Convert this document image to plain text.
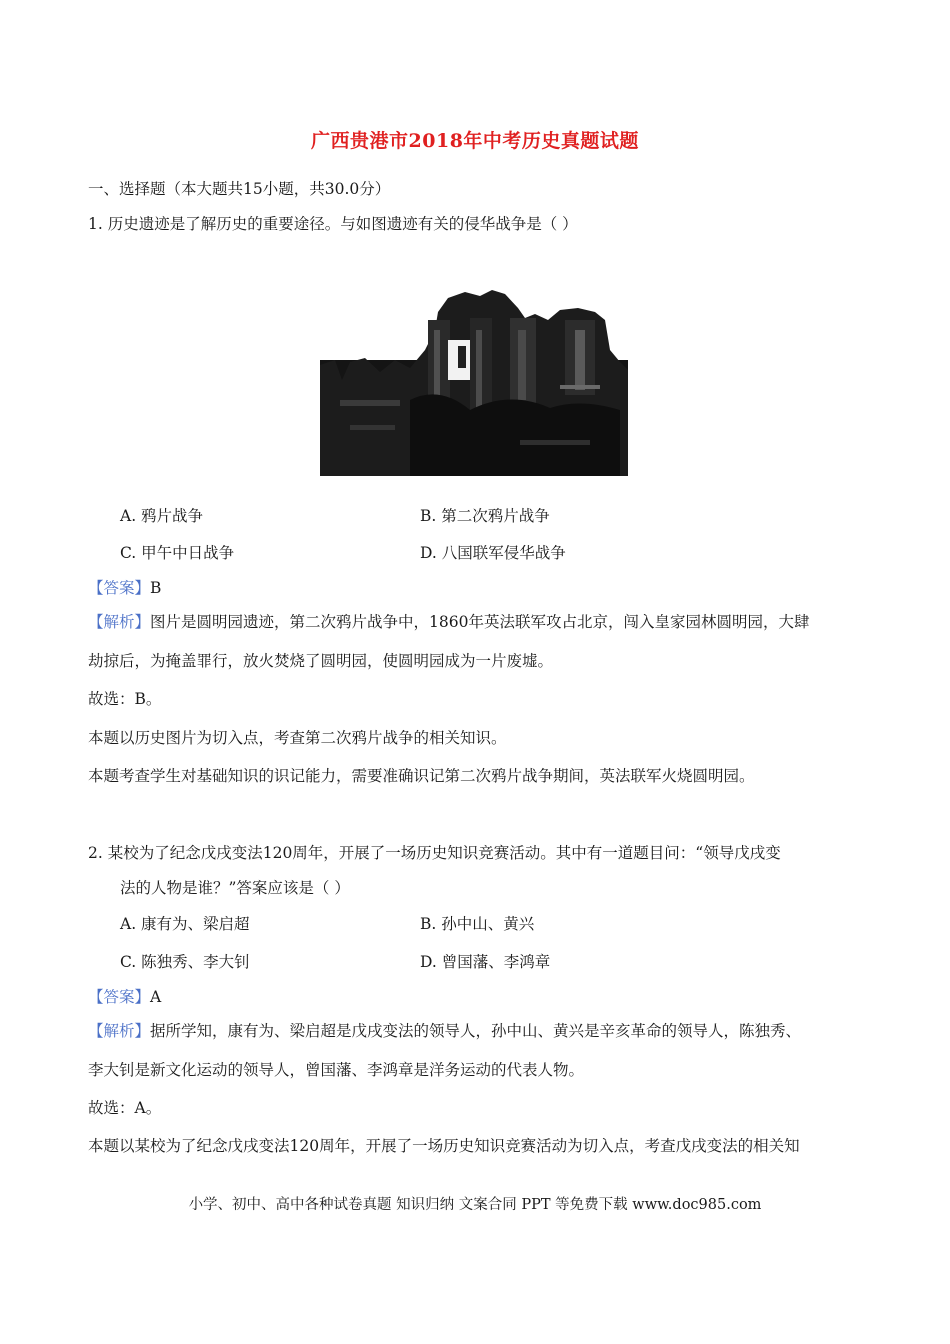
广西贵港市2018年中考历史真题试题
一、选择题（本大题共15小题，共30.0分）
1. 历史遗迹是了解历史的重要途径。与如图遗迹有关的侵华战争是（ ）
A. 鸦片战争	B. 第二次鸦片战争
C. 甲午中日战争	D. 八国联军侵华战争
【答案】B
【解析】图片是圆明园遗迹，第二次鸦片战争中，1860年英法联军攻占北京，闯入皇家园林圆明园，大肆
劫掠后，为掩盖罪行，放火焚烧了圆明园，使圆明园成为一片废墟。
故选：B。
本题以历史图片为切入点，考查第二次鸦片战争的相关知识。
本题考查学生对基础知识的识记能力，需要准确识记第二次鸦片战争期间，英法联军火烧圆明园。
2. 某校为了纪念戊戌变法120周年，开展了一场历史知识竞赛活动。其中有一道题目问：“领导戊戌变
法的人物是谁？”答案应该是（ ）
A. 康有为、梁启超	B. 孙中山、黄兴
C. 陈独秀、李大钊	D. 曾国藩、李鸿章
【答案】A
【解析】据所学知，康有为、梁启超是戊戌变法的领导人，孙中山、黄兴是辛亥革命的领导人，陈独秀、
李大钊是新文化运动的领导人，曾国藩、李鸿章是洋务运动的代表人物。
故选：A。
本题以某校为了纪念戊戌变法120周年，开展了一场历史知识竞赛活动为切入点，考查戊戌变法的相关知
小学、初中、高中各种试卷真题 知识归纳 文案合同 PPT 等免费下载 www.doc985.com
